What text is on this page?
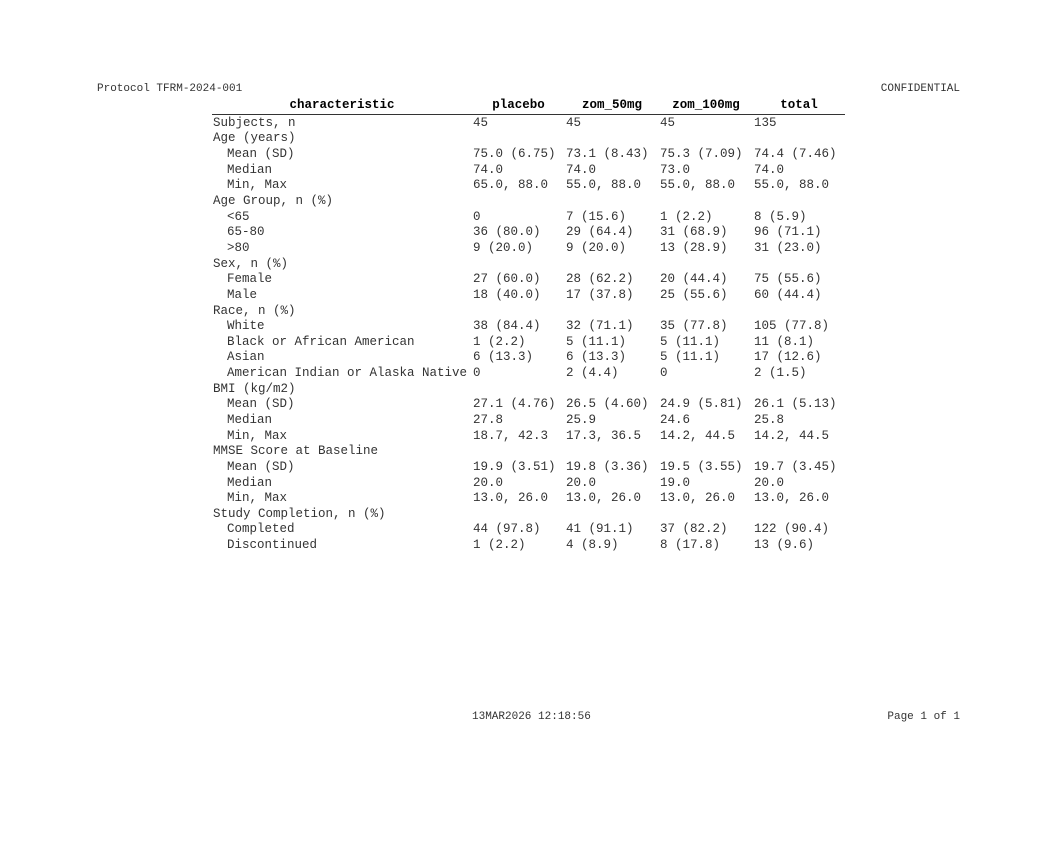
Protocol TFRM-2024-001	CONFIDENTIAL
characteristic	placebo	zom_50mg	zom_100mg	total
Subjects, n	45	45	45	135
Age (years)				
Mean (SD)	75.0 (6.75)	73.1 (8.43)	75.3 (7.09)	74.4 (7.46)
Median	74.0	74.0	73.0	74.0
Min, Max	65.0, 88.0	55.0, 88.0	55.0, 88.0	55.0, 88.0
Age Group, n (%)				
<65	0	7 (15.6)	1 (2.2)	8 (5.9)
65-80	36 (80.0)	29 (64.4)	31 (68.9)	96 (71.1)
>80	9 (20.0)	9 (20.0)	13 (28.9)	31 (23.0)
Sex, n (%)				
Female	27 (60.0)	28 (62.2)	20 (44.4)	75 (55.6)
Male	18 (40.0)	17 (37.8)	25 (55.6)	60 (44.4)
Race, n (%)				
White	38 (84.4)	32 (71.1)	35 (77.8)	105 (77.8)
Black or African American	1 (2.2)	5 (11.1)	5 (11.1)	11 (8.1)
Asian	6 (13.3)	6 (13.3)	5 (11.1)	17 (12.6)
American Indian or Alaska Native	0	2 (4.4)	0	2 (1.5)
BMI (kg/m2)				
Mean (SD)	27.1 (4.76)	26.5 (4.60)	24.9 (5.81)	26.1 (5.13)
Median	27.8	25.9	24.6	25.8
Min, Max	18.7, 42.3	17.3, 36.5	14.2, 44.5	14.2, 44.5
MMSE Score at Baseline				
Mean (SD)	19.9 (3.51)	19.8 (3.36)	19.5 (3.55)	19.7 (3.45)
Median	20.0	20.0	19.0	20.0
Min, Max	13.0, 26.0	13.0, 26.0	13.0, 26.0	13.0, 26.0
Study Completion, n (%)				
Completed	44 (97.8)	41 (91.1)	37 (82.2)	122 (90.4)
Discontinued	1 (2.2)	4 (8.9)	8 (17.8)	13 (9.6)
13MAR2026 12:18:56	Page 1 of 1
